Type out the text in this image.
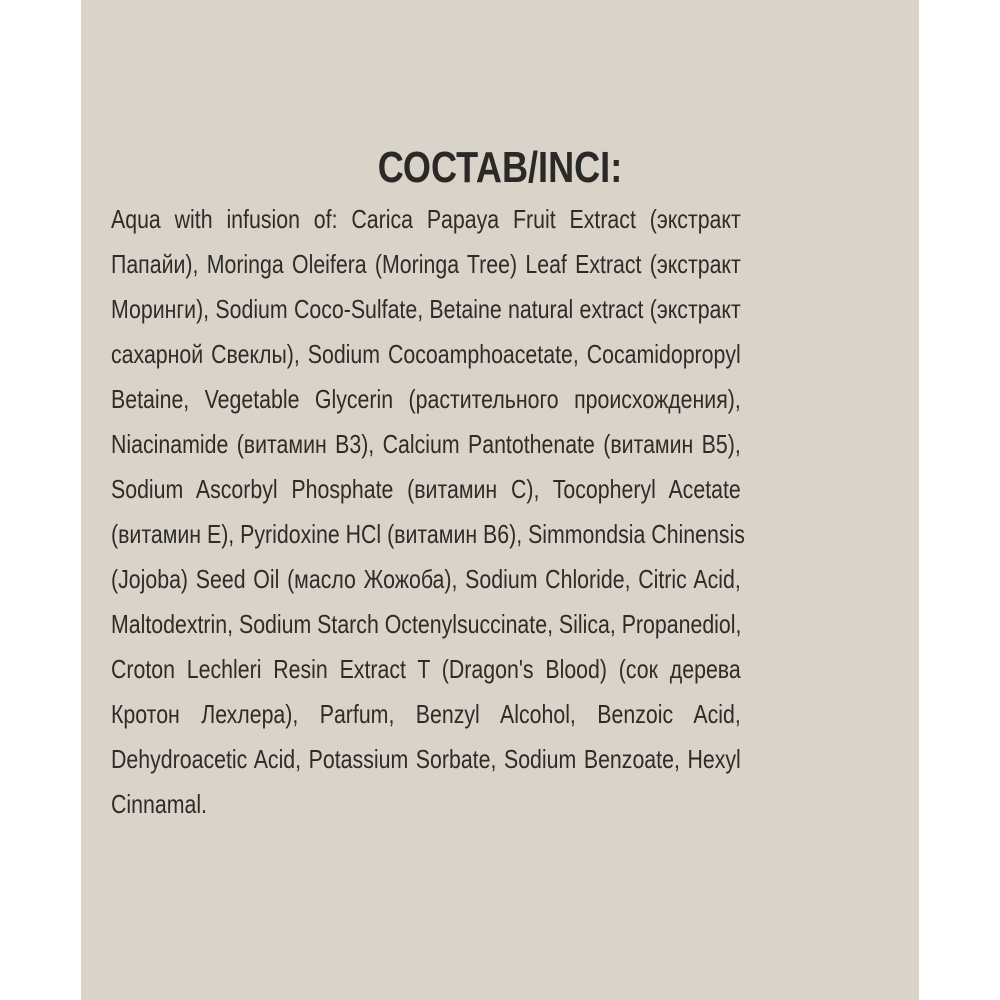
СОСТАВ/INCI:
Aqua with infusion of: Carica Papaya Fruit Extract (экстракт
Папайи), Moringa Oleifera (Moringa Tree) Leaf Extract (экстракт
Моринги), Sodium Coco-Sulfate, Betaine natural extract (экстракт
сахарной Свеклы), Sodium Cocoamphoacetate, Cocamidopropyl
Betaine, Vegetable Glycerin (растительного происхождения),
Niacinamide (витамин B3), Calcium Pantothenate (витамин B5),
Sodium Ascorbyl Phosphate (витамин C), Tocopheryl Acetate
(витамин E), Pyridoxine HCl (витамин B6), Simmondsia Chinensis
(Jojoba) Seed Oil (масло Жожоба), Sodium Chloride, Citric Acid,
Maltodextrin, Sodium Starch Octenylsuccinate, Silica, Propanediol,
Croton Lechleri Resin Extract T (Dragon's Blood) (сок дерева
Кротон Лехлера), Parfum, Benzyl Alcohol, Benzoic Acid,
Dehydroacetic Acid, Potassium Sorbate, Sodium Benzoate, Hexyl
Cinnamal.
